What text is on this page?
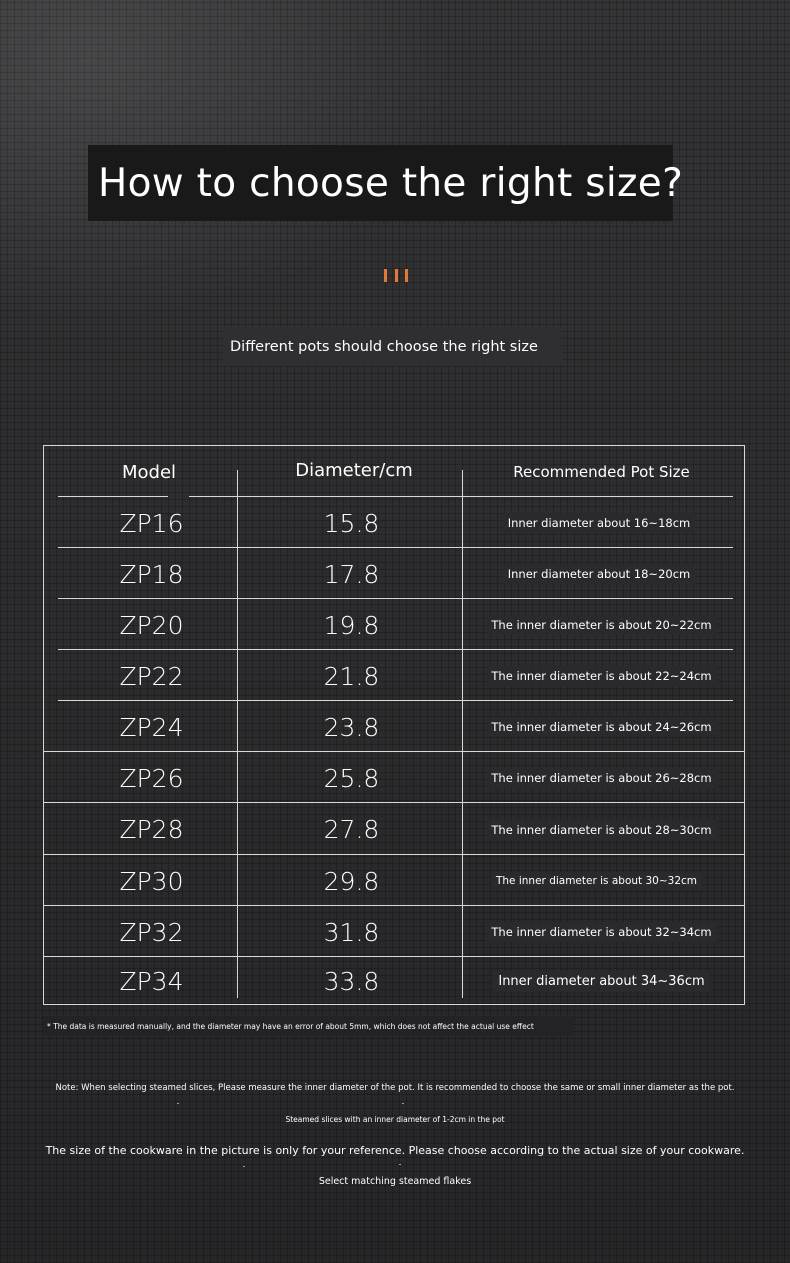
How to choose the right size?
Different pots should choose the right size
Model	Diameter/cm	Recommended Pot Size
ZP16	15.8	Inner diameter about 16~18cm
ZP18	17.8	Inner diameter about 18~20cm
ZP20	19.8	The inner diameter is about 20~22cm
ZP22	21.8	The inner diameter is about 22~24cm
ZP24	23.8	The inner diameter is about 24~26cm
ZP26	25.8	The inner diameter is about 26~28cm
ZP28	27.8	The inner diameter is about 28~30cm
ZP30	29.8	The inner diameter is about 30~32cm
ZP32	31.8	The inner diameter is about 32~34cm
ZP34	33.8	Inner diameter about 34~36cm
* The data is measured manually, and the diameter may have an error of about 5mm, which does not affect the actual use effect
Note: When selecting steamed slices, Please measure the inner diameter of the pot. It is recommended to choose the same or small inner diameter as the pot.
Steamed slices with an inner diameter of 1-2cm in the pot
The size of the cookware in the picture is only for your reference. Please choose according to the actual size of your cookware.
Select matching steamed flakes
